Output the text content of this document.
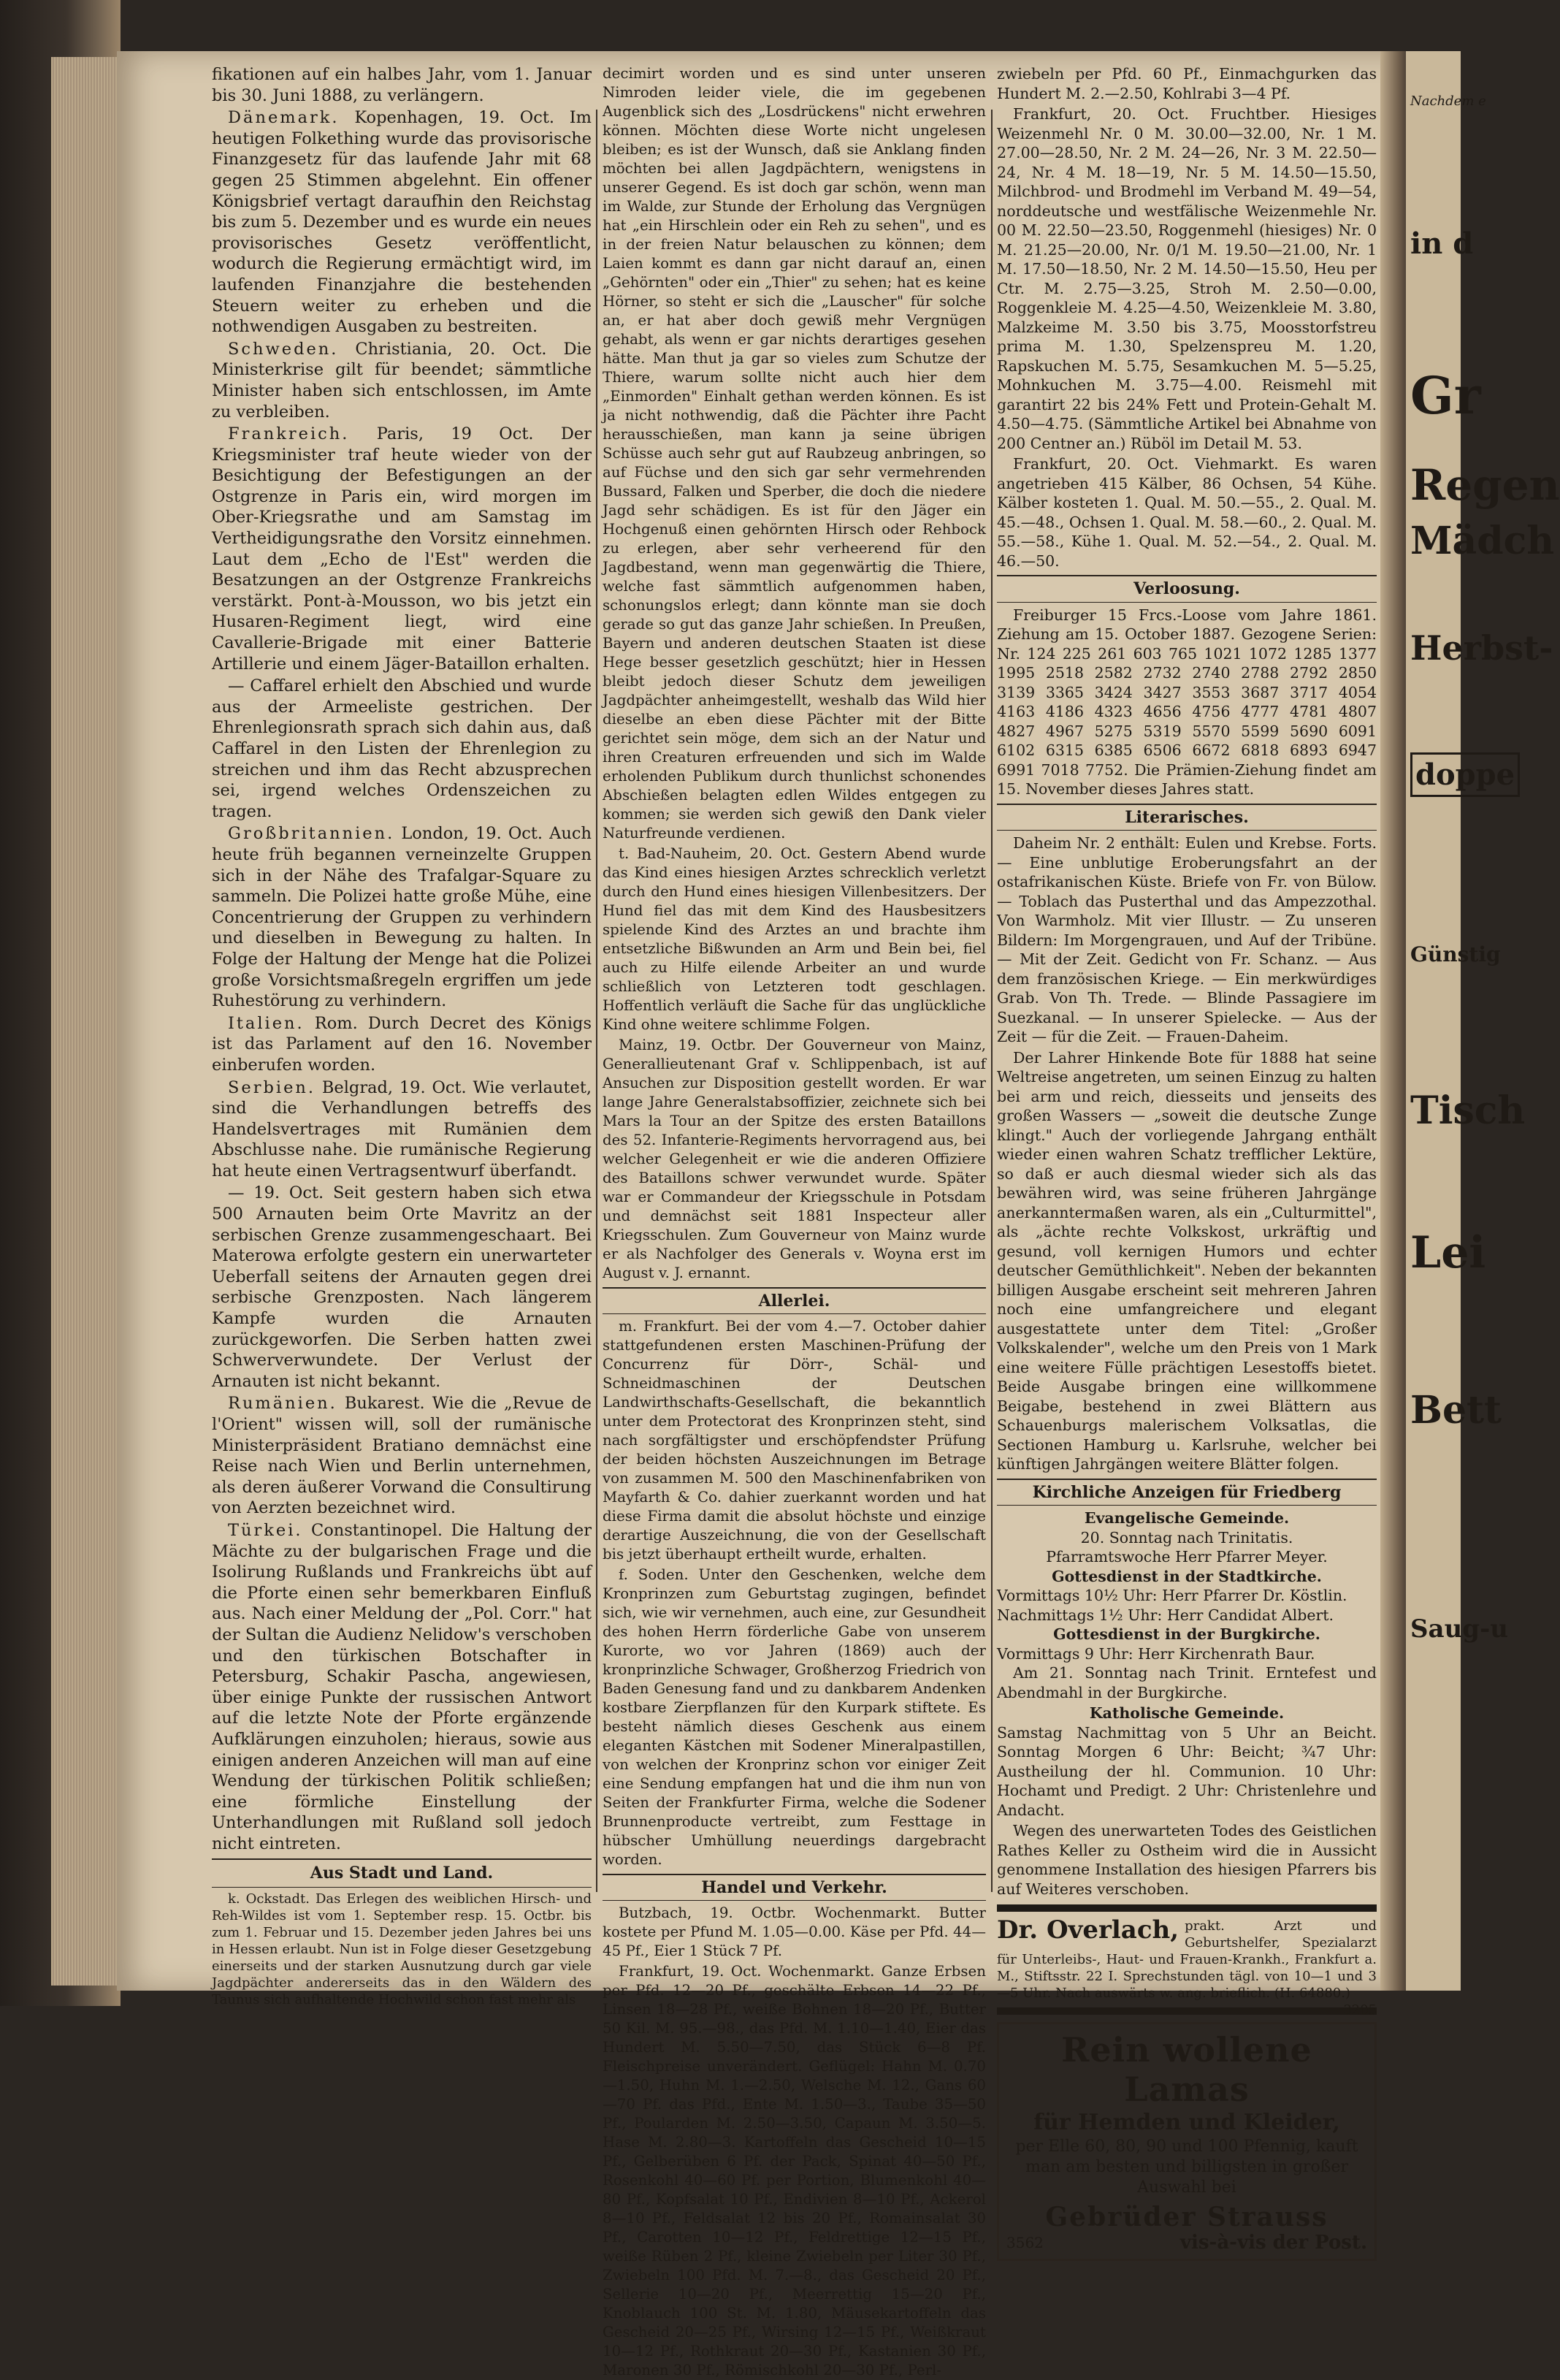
Nachdem e
in d
Gr
Regen
Mädch
Herbst-
doppe
Günstig
Tisch
Lei
Bett
Saug-u

fikationen auf ein halbes Jahr, vom 1. Januar bis 30. Juni 1888, zu verlängern.

Dänemark. Kopenhagen, 19. Oct. Im heutigen Folkething wurde das provisorische Finanzgesetz für das laufende Jahr mit 68 gegen 25 Stimmen abgelehnt. Ein offener Königsbrief vertagt daraufhin den Reichstag bis zum 5. Dezember und es wurde ein neues provisorisches Gesetz veröffentlicht, wodurch die Regierung ermächtigt wird, im laufenden Finanzjahre die bestehenden Steuern weiter zu erheben und die nothwendigen Ausgaben zu bestreiten.

Schweden. Christiania, 20. Oct. Die Ministerkrise gilt für beendet; sämmtliche Minister haben sich entschlossen, im Amte zu verbleiben.

Frankreich. Paris, 19 Oct. Der Kriegsminister traf heute wieder von der Besichtigung der Befestigungen an der Ostgrenze in Paris ein, wird morgen im Ober-Kriegsrathe und am Samstag im Vertheidigungsrathe den Vorsitz einnehmen. Laut dem „Echo de l'Est" werden die Besatzungen an der Ostgrenze Frankreichs verstärkt. Pont-à-Mousson, wo bis jetzt ein Husaren-Regiment liegt, wird eine Cavallerie-Brigade mit einer Batterie Artillerie und einem Jäger-Bataillon erhalten.

— Caffarel erhielt den Abschied und wurde aus der Armeeliste gestrichen. Der Ehrenlegionsrath sprach sich dahin aus, daß Caffarel in den Listen der Ehrenlegion zu streichen und ihm das Recht abzusprechen sei, irgend welches Ordenszeichen zu tragen.

Großbritannien. London, 19. Oct. Auch heute früh begannen verneinzelte Gruppen sich in der Nähe des Trafalgar-Square zu sammeln. Die Polizei hatte große Mühe, eine Concentrierung der Gruppen zu verhindern und dieselben in Bewegung zu halten. In Folge der Haltung der Menge hat die Polizei große Vorsichtsmaßregeln ergriffen um jede Ruhestörung zu verhindern.

Italien. Rom. Durch Decret des Königs ist das Parlament auf den 16. November einberufen worden.

Serbien. Belgrad, 19. Oct. Wie verlautet, sind die Verhandlungen betreffs des Handelsvertrages mit Rumänien dem Abschlusse nahe. Die rumänische Regierung hat heute einen Vertragsentwurf überfandt.

— 19. Oct. Seit gestern haben sich etwa 500 Arnauten beim Orte Mavritz an der serbischen Grenze zusammengeschaart. Bei Materowa erfolgte gestern ein unerwarteter Ueberfall seitens der Arnauten gegen drei serbische Grenzposten. Nach längerem Kampfe wurden die Arnauten zurückgeworfen. Die Serben hatten zwei Schwerverwundete. Der Verlust der Arnauten ist nicht bekannt.

Rumänien. Bukarest. Wie die „Revue de l'Orient" wissen will, soll der rumänische Ministerpräsident Bratiano demnächst eine Reise nach Wien und Berlin unternehmen, als deren äußerer Vorwand die Consultirung von Aerzten bezeichnet wird.

Türkei. Constantinopel. Die Haltung der Mächte zu der bulgarischen Frage und die Isolirung Rußlands und Frankreichs übt auf die Pforte einen sehr bemerkbaren Einfluß aus. Nach einer Meldung der „Pol. Corr." hat der Sultan die Audienz Nelidow's verschoben und den türkischen Botschafter in Petersburg, Schakir Pascha, angewiesen, über einige Punkte der russischen Antwort auf die letzte Note der Pforte ergänzende Aufklärungen einzuholen; hieraus, sowie aus einigen anderen Anzeichen will man auf eine Wendung der türkischen Politik schließen; eine förmliche Einstellung der Unterhandlungen mit Rußland soll jedoch nicht eintreten.

Aus Stadt und Land.

k. Ockstadt. Das Erlegen des weiblichen Hirsch- und Reh-Wildes ist vom 1. September resp. 15. Octbr. bis zum 1. Februar und 15. Dezember jeden Jahres bei uns in Hessen erlaubt. Nun ist in Folge dieser Gesetzgebung einerseits und der starken Ausnutzung durch gar viele Jagdpächter andererseits das in den Wäldern des Taunus sich aufhaltende Hochwild schon fast mehr als

decimirt worden und es sind unter unseren Nimroden leider viele, die im gegebenen Augenblick sich des „Losdrückens" nicht erwehren können. Möchten diese Worte nicht ungelesen bleiben; es ist der Wunsch, daß sie Anklang finden möchten bei allen Jagdpächtern, wenigstens in unserer Gegend. Es ist doch gar schön, wenn man im Walde, zur Stunde der Erholung das Vergnügen hat „ein Hirschlein oder ein Reh zu sehen", und es in der freien Natur belauschen zu können; dem Laien kommt es dann gar nicht darauf an, einen „Gehörnten" oder ein „Thier" zu sehen; hat es keine Hörner, so steht er sich die „Lauscher" für solche an, er hat aber doch gewiß mehr Vergnügen gehabt, als wenn er gar nichts derartiges gesehen hätte. Man thut ja gar so vieles zum Schutze der Thiere, warum sollte nicht auch hier dem „Einmorden" Einhalt gethan werden können. Es ist ja nicht nothwendig, daß die Pächter ihre Pacht herausschießen, man kann ja seine übrigen Schüsse auch sehr gut auf Raubzeug anbringen, so auf Füchse und den sich gar sehr vermehrenden Bussard, Falken und Sperber, die doch die niedere Jagd sehr schädigen. Es ist für den Jäger ein Hochgenuß einen gehörnten Hirsch oder Rehbock zu erlegen, aber sehr verheerend für den Jagdbestand, wenn man gegenwärtig die Thiere, welche fast sämmtlich aufgenommen haben, schonungslos erlegt; dann könnte man sie doch gerade so gut das ganze Jahr schießen. In Preußen, Bayern und anderen deutschen Staaten ist diese Hege besser gesetzlich geschützt; hier in Hessen bleibt jedoch dieser Schutz dem jeweiligen Jagdpächter anheimgestellt, weshalb das Wild hier dieselbe an eben diese Pächter mit der Bitte gerichtet sein möge, dem sich an der Natur und ihren Creaturen erfreuenden und sich im Walde erholenden Publikum durch thunlichst schonendes Abschießen belagten edlen Wildes entgegen zu kommen; sie werden sich gewiß den Dank vieler Naturfreunde verdienen.

t. Bad-Nauheim, 20. Oct. Gestern Abend wurde das Kind eines hiesigen Arztes schrecklich verletzt durch den Hund eines hiesigen Villenbesitzers. Der Hund fiel das mit dem Kind des Hausbesitzers spielende Kind des Arztes an und brachte ihm entsetzliche Bißwunden an Arm und Bein bei, fiel auch zu Hilfe eilende Arbeiter an und wurde schließlich von Letzteren todt geschlagen. Hoffentlich verläuft die Sache für das unglückliche Kind ohne weitere schlimme Folgen.

Mainz, 19. Octbr. Der Gouverneur von Mainz, Generallieutenant Graf v. Schlippenbach, ist auf Ansuchen zur Disposition gestellt worden. Er war lange Jahre Generalstabsoffizier, zeichnete sich bei Mars la Tour an der Spitze des ersten Bataillons des 52. Infanterie-Regiments hervorragend aus, bei welcher Gelegenheit er wie die anderen Offiziere des Bataillons schwer verwundet wurde. Später war er Commandeur der Kriegsschule in Potsdam und demnächst seit 1881 Inspecteur aller Kriegsschulen. Zum Gouverneur von Mainz wurde er als Nachfolger des Generals v. Woyna erst im August v. J. ernannt.

Allerlei.

m. Frankfurt. Bei der vom 4.—7. October dahier stattgefundenen ersten Maschinen-Prüfung der Concurrenz für Dörr-, Schäl- und Schneidmaschinen der Deutschen Landwirthschafts-Gesellschaft, die bekanntlich unter dem Protectorat des Kronprinzen steht, sind nach sorgfältigster und erschöpfendster Prüfung der beiden höchsten Auszeichnungen im Betrage von zusammen M. 500 den Maschinenfabriken von Mayfarth & Co. dahier zuerkannt worden und hat diese Firma damit die absolut höchste und einzige derartige Auszeichnung, die von der Gesellschaft bis jetzt überhaupt ertheilt wurde, erhalten.

f. Soden. Unter den Geschenken, welche dem Kronprinzen zum Geburtstag zugingen, befindet sich, wie wir vernehmen, auch eine, zur Gesundheit des hohen Herrn förderliche Gabe von unserem Kurorte, wo vor Jahren (1869) auch der kronprinzliche Schwager, Großherzog Friedrich von Baden Genesung fand und zu dankbarem Andenken kostbare Zierpflanzen für den Kurpark stiftete. Es besteht nämlich dieses Geschenk aus einem eleganten Kästchen mit Sodener Mineralpastillen, von welchen der Kronprinz schon vor einiger Zeit eine Sendung empfangen hat und die ihm nun von Seiten der Frankfurter Firma, welche die Sodener Brunnenproducte vertreibt, zum Festtage in hübscher Umhüllung neuerdings dargebracht worden.

Handel und Verkehr.

Butzbach, 19. Octbr. Wochenmarkt. Butter kostete per Pfund M. 1.05—0.00. Käse per Pfd. 44—45 Pf., Eier 1 Stück 7 Pf.

Frankfurt, 19. Oct. Wochenmarkt. Ganze Erbsen per Pfd. 12—20 Pf., geschälte Erbsen 14—22 Pf., Linsen 18—28 Pf., weiße Bohnen 18—20 Pf., Butter 50 Kil. M. 95.—98., das Pfd. M. 1.10—1.40, Eier das Hundert M. 5.50—7.50, das Stück 6—8 Pf. Fleischpreise unverändert. Geflügel: Hahn M. 0.70—1.50, Huhn M. 1.—2.50, Welsche M. 12., Gans 60—70 Pf. das Pfd., Ente M. 1.50—3., Taube 35—50 Pf., Poularden M. 2.50—3.50, Capaun M. 3.50—5. Hase M. 2.80—3. Kartoffeln das Gescheid 10—15 Pf., Gelberüben 6 Pf. der Pack, Spinat 40—50 Pf., Rosenkohl 40—60 Pf. per Portion, Blumenkohl 40—80 Pf., Kopfsalat 10 Pf., Endivien 8—10 Pf., Ackerol 8—10 Pf., Feldsalat 12 bis 20 Pf., Romainsalat 30 Pf., Carotten 10—12 Pf., Feldrettige 12—15 Pf., weiße Rüben 2 Pf., kleine Zwiebeln per Liter 30 Pf., Zwiebeln 100 Pfd. M. 7.—8., das Gescheid 20 Pf., Sellerie 10—20 Pf., Meerrettig 15—20 Pf., Knoblauch 100 St. M. 1.80, Mäusekartoffeln das Gescheid 20—25 Pf., Wirsing 12—15 Pf., Weißkraut 10—12 Pf., Rothkraut 20—30 Pf., Kastanien 30 Pf., Maronen 30 Pf., Römischkohl 20—30 Pf., Perl-

zwiebeln per Pfd. 60 Pf., Einmachgurken das Hundert M. 2.—2.50, Kohlrabi 3—4 Pf.

Frankfurt, 20. Oct. Fruchtber. Hiesiges Weizenmehl Nr. 0 M. 30.00—32.00, Nr. 1 M. 27.00—28.50, Nr. 2 M. 24—26, Nr. 3 M. 22.50—24, Nr. 4 M. 18—19, Nr. 5 M. 14.50—15.50, Milchbrod- und Brodmehl im Verband M. 49—54, norddeutsche und westfälische Weizenmehle Nr. 00 M. 22.50—23.50, Roggenmehl (hiesiges) Nr. 0 M. 21.25—20.00, Nr. 0/1 M. 19.50—21.00, Nr. 1 M. 17.50—18.50, Nr. 2 M. 14.50—15.50, Heu per Ctr. M. 2.75—3.25, Stroh M. 2.50—0.00, Roggenkleie M. 4.25—4.50, Weizenkleie M. 3.80, Malzkeime M. 3.50 bis 3.75, Moosstorfstreu prima M. 1.30, Spelzenspreu M. 1.20, Rapskuchen M. 5.75, Sesamkuchen M. 5—5.25, Mohnkuchen M. 3.75—4.00. Reismehl mit garantirt 22 bis 24% Fett und Protein-Gehalt M. 4.50—4.75. (Sämmtliche Artikel bei Abnahme von 200 Centner an.) Rüböl im Detail M. 53.

Frankfurt, 20. Oct. Viehmarkt. Es waren angetrieben 415 Kälber, 86 Ochsen, 54 Kühe. Kälber kosteten 1. Qual. M. 50.—55., 2. Qual. M. 45.—48., Ochsen 1. Qual. M. 58.—60., 2. Qual. M. 55.—58., Kühe 1. Qual. M. 52.—54., 2. Qual. M. 46.—50.

Verloosung.

Freiburger 15 Frcs.-Loose vom Jahre 1861. Ziehung am 15. October 1887. Gezogene Serien: Nr. 124 225 261 603 765 1021 1072 1285 1377 1995 2518 2582 2732 2740 2788 2792 2850 3139 3365 3424 3427 3553 3687 3717 4054 4163 4186 4323 4656 4756 4777 4781 4807 4827 4967 5275 5319 5570 5599 5690 6091 6102 6315 6385 6506 6672 6818 6893 6947 6991 7018 7752. Die Prämien-Ziehung findet am 15. November dieses Jahres statt.

Literarisches.

Daheim Nr. 2 enthält: Eulen und Krebse. Forts. — Eine unblutige Eroberungsfahrt an der ostafrikanischen Küste. Briefe von Fr. von Bülow. — Toblach das Pusterthal und das Ampezzothal. Von Warmholz. Mit vier Illustr. — Zu unseren Bildern: Im Morgengrauen, und Auf der Tribüne. — Mit der Zeit. Gedicht von Fr. Schanz. — Aus dem französischen Kriege. — Ein merkwürdiges Grab. Von Th. Trede. — Blinde Passagiere im Suezkanal. — In unserer Spielecke. — Aus der Zeit — für die Zeit. — Frauen-Daheim.

Der Lahrer Hinkende Bote für 1888 hat seine Weltreise angetreten, um seinen Einzug zu halten bei arm und reich, diesseits und jenseits des großen Wassers — „soweit die deutsche Zunge klingt." Auch der vorliegende Jahrgang enthält wieder einen wahren Schatz trefflicher Lektüre, so daß er auch diesmal wieder sich als das bewähren wird, was seine früheren Jahrgänge anerkanntermaßen waren, als ein „Culturmittel", als „ächte rechte Volkskost, urkräftig und gesund, voll kernigen Humors und echter deutscher Gemüthlichkeit". Neben der bekannten billigen Ausgabe erscheint seit mehreren Jahren noch eine umfangreichere und elegant ausgestattete unter dem Titel: „Großer Volkskalender", welche um den Preis von 1 Mark eine weitere Fülle prächtigen Lesestoffs bietet. Beide Ausgabe bringen eine willkommene Beigabe, bestehend in zwei Blättern aus Schauenburgs malerischem Volksatlas, die Sectionen Hamburg u. Karlsruhe, welcher bei künftigen Jahrgängen weitere Blätter folgen.

Kirchliche Anzeigen für Friedberg
Evangelische Gemeinde.
20. Sonntag nach Trinitatis.
Pfarramtswoche Herr Pfarrer Meyer.
Gottesdienst in der Stadtkirche.
Vormittags 10½ Uhr: Herr Pfarrer Dr. Köstlin.
Nachmittags 1½ Uhr: Herr Candidat Albert.
Gottesdienst in der Burgkirche.
Vormittags 9 Uhr: Herr Kirchenrath Baur.

Am 21. Sonntag nach Trinit. Erntefest und Abendmahl in der Burgkirche.

Katholische Gemeinde.

Samstag Nachmittag von 5 Uhr an Beicht. Sonntag Morgen 6 Uhr: Beicht; ¾7 Uhr: Austheilung der hl. Communion. 10 Uhr: Hochamt und Predigt. 2 Uhr: Christenlehre und Andacht.

Wegen des unerwarteten Todes des Geistlichen Rathes Keller zu Ostheim wird die in Aussicht genommene Installation des hiesigen Pfarrers bis auf Weiteres verschoben.

Dr. Overlach, prakt. Arzt und Geburtshelfer, Spezialarzt für Unterleibs-, Haut- und Frauen-Krankh., Frankfurt a. M., Stiftsstr. 22 I. Sprechstunden tägl. von 10—1 und 3—5 Uhr. Nach auswärts w. ang. brieflich. (H. 64880.)
3205
Rein wollene Lamas
für Hemden und Kleider,
per Elle 60, 80, 90 und 100 Pfennig, kauft man am besten und billigsten in großer Auswahl bei
Gebrüder Strauss
3562	vis-à-vis der Post.
